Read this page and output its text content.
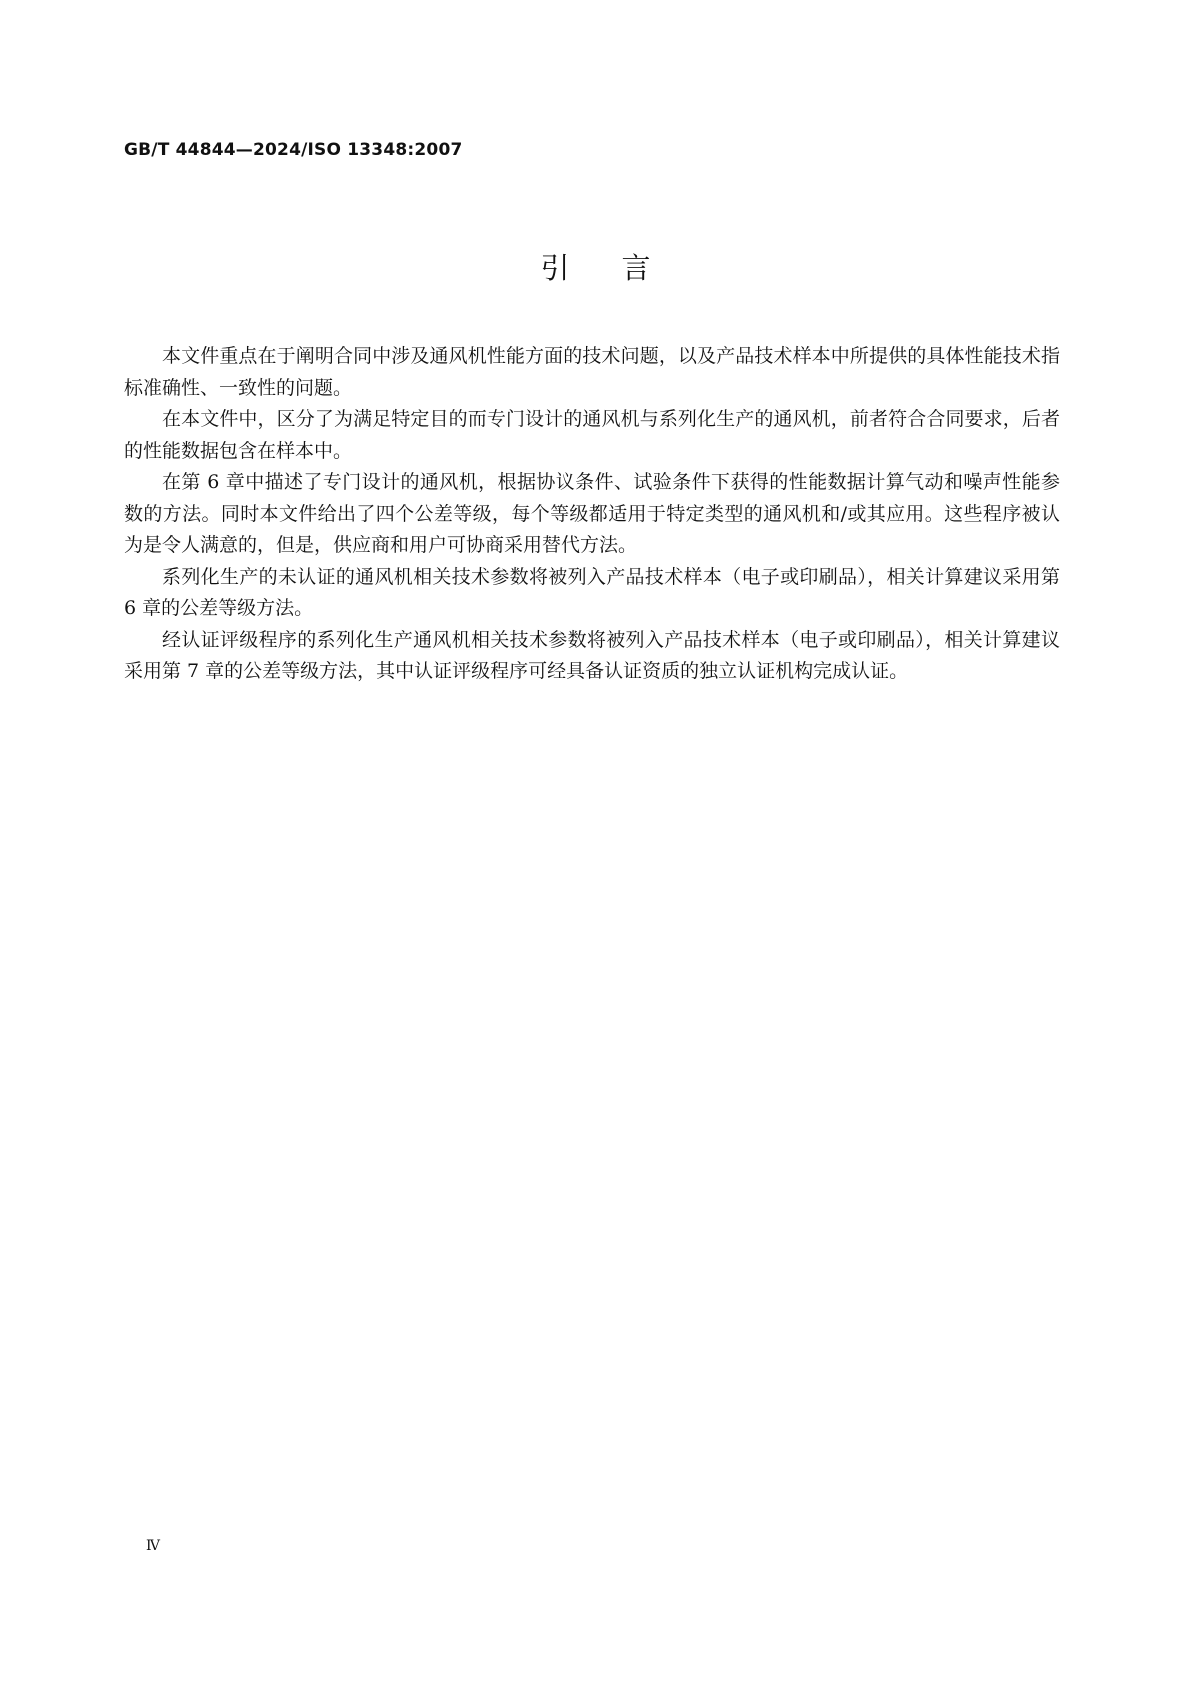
GB/T 44844—2024/ISO 13348:2007
引言

本文件重点在于阐明合同中涉及通风机性能方面的技术问题，以及产品技术样本中所提供的具体性能技术指标准确性、一致性的问题。

在本文件中，区分了为满足特定目的而专门设计的通风机与系列化生产的通风机，前者符合合同要求，后者的性能数据包含在样本中。

在第 6 章中描述了专门设计的通风机，根据协议条件、试验条件下获得的性能数据计算气动和噪声性能参数的方法。同时本文件给出了四个公差等级，每个等级都适用于特定类型的通风机和/或其应用。这些程序被认为是令人满意的，但是，供应商和用户可协商采用替代方法。

系列化生产的未认证的通风机相关技术参数将被列入产品技术样本（电子或印刷品），相关计算建议采用第 6 章的公差等级方法。

经认证评级程序的系列化生产通风机相关技术参数将被列入产品技术样本（电子或印刷品），相关计算建议采用第 7 章的公差等级方法，其中认证评级程序可经具备认证资质的独立认证机构完成认证。

Ⅳ
